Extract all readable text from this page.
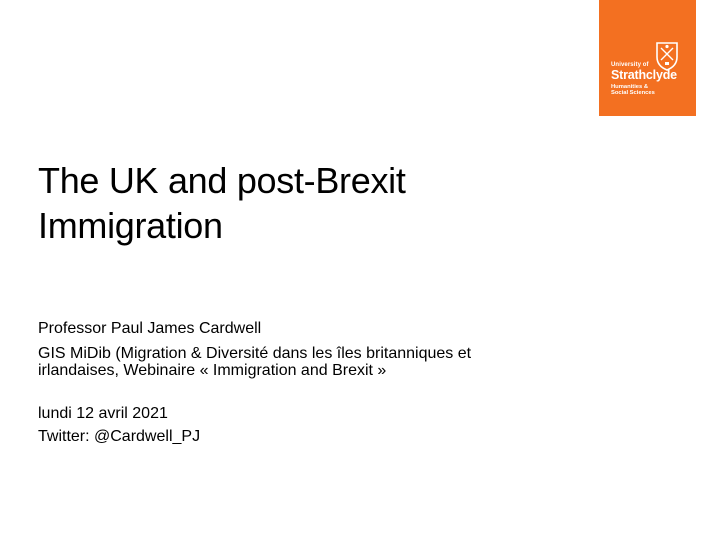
University of
Strathclyde
Humanities &
Social Sciences
The UK and post-Brexit
Immigration

Professor Paul James Cardwell

GIS MiDib (Migration & Diversité dans les îles britanniques et

irlandaises, Webinaire « Immigration and Brexit »

lundi 12 avril 2021

Twitter: @Cardwell_PJ
